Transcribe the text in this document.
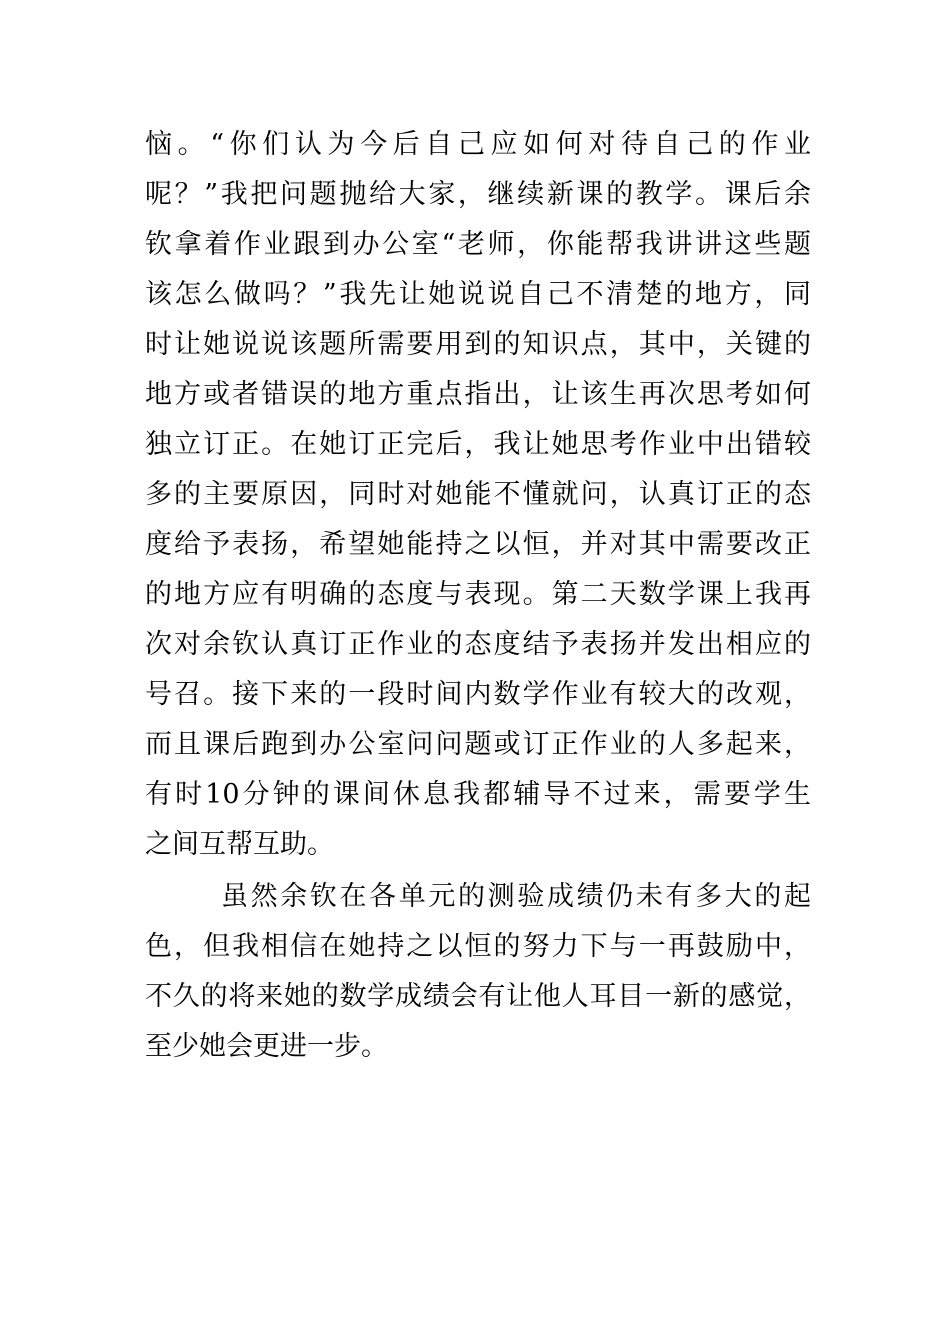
恼。“你们认为今后自己应如何对待自己的作业
呢？”我把问题抛给大家，继续新课的教学。课后余
钦拿着作业跟到办公室“老师，你能帮我讲讲这些题
该怎么做吗？”我先让她说说自己不清楚的地方，同
时让她说说该题所需要用到的知识点，其中，关键的
地方或者错误的地方重点指出，让该生再次思考如何
独立订正。在她订正完后，我让她思考作业中出错较
多的主要原因，同时对她能不懂就问，认真订正的态
度给予表扬，希望她能持之以恒，并对其中需要改正
的地方应有明确的态度与表现。第二天数学课上我再
次对余钦认真订正作业的态度结予表扬并发出相应的
号召。接下来的一段时间内数学作业有较大的改观，
而且课后跑到办公室问问题或订正作业的人多起来，
有时10分钟的课间休息我都辅导不过来，需要学生
之间互帮互助。
虽然余钦在各单元的测验成绩仍未有多大的起
色，但我相信在她持之以恒的努力下与一再鼓励中，
不久的将来她的数学成绩会有让他人耳目一新的感觉，
至少她会更进一步。
